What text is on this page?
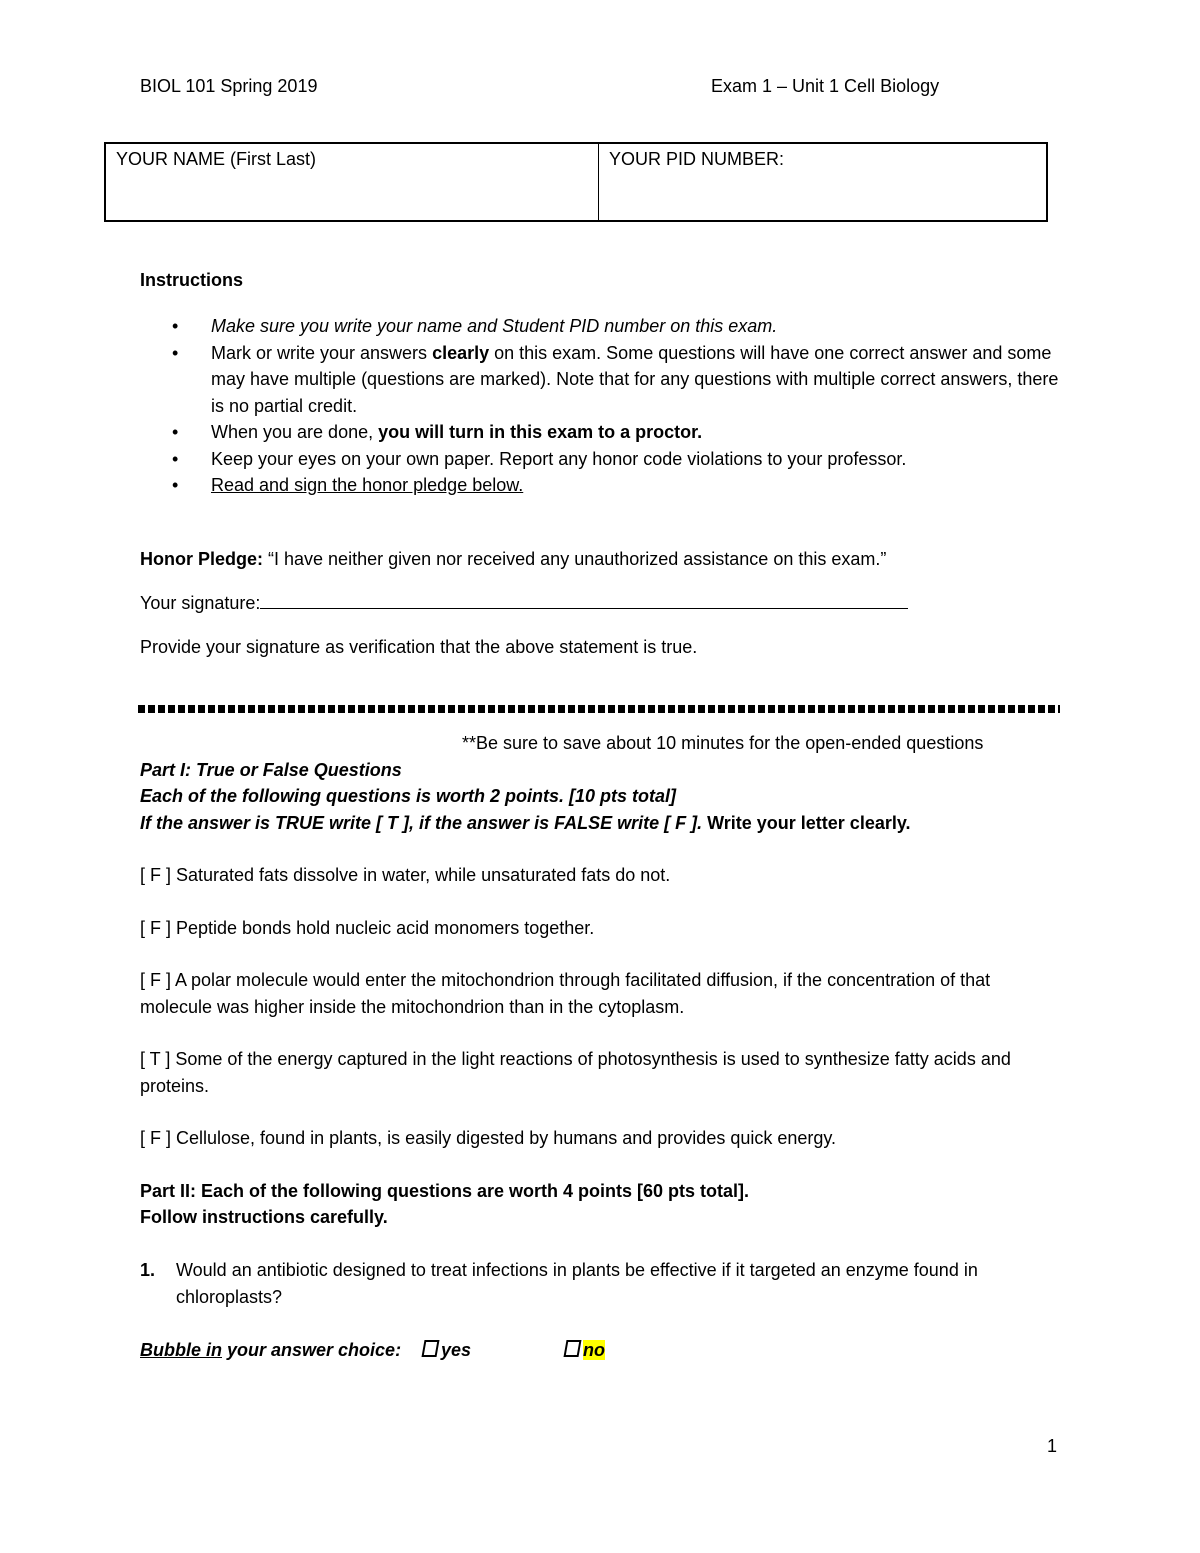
BIOL 101 Spring 2019	Exam 1 – Unit 1 Cell Biology
YOUR NAME (First Last)	YOUR PID NUMBER:
Instructions
• Make sure you write your name and Student PID number on this exam.
• Mark or write your answers clearly on this exam. Some questions will have one correct answer and some may have multiple (questions are marked). Note that for any questions with multiple correct answers, there is no partial credit.
• When you are done, you will turn in this exam to a proctor.
• Keep your eyes on your own paper. Report any honor code violations to your professor.
• Read and sign the honor pledge below.
Honor Pledge: “I have neither given nor received any unauthorized assistance on this exam.”
Your signature:
Provide your signature as verification that the above statement is true.
**Be sure to save about 10 minutes for the open-ended questions
Part I: True or False Questions
Each of the following questions is worth 2 points. [10 pts total]
If the answer is TRUE write [ T ], if the answer is FALSE write [ F ]. Write your letter clearly.
[ F ] Saturated fats dissolve in water, while unsaturated fats do not.
[ F ] Peptide bonds hold nucleic acid monomers together.
[ F ] A polar molecule would enter the mitochondrion through facilitated diffusion, if the concentration of that molecule was higher inside the mitochondrion than in the cytoplasm.
[ T ] Some of the energy captured in the light reactions of photosynthesis is used to synthesize fatty acids and proteins.
[ F ] Cellulose, found in plants, is easily digested by humans and provides quick energy.
Part II: Each of the following questions are worth 4 points [60 pts total].
Follow instructions carefully.
1. Would an antibiotic designed to treat infections in plants be effective if it targeted an enzyme found in chloroplasts?
Bubble in your answer choice:	yes	no
1
